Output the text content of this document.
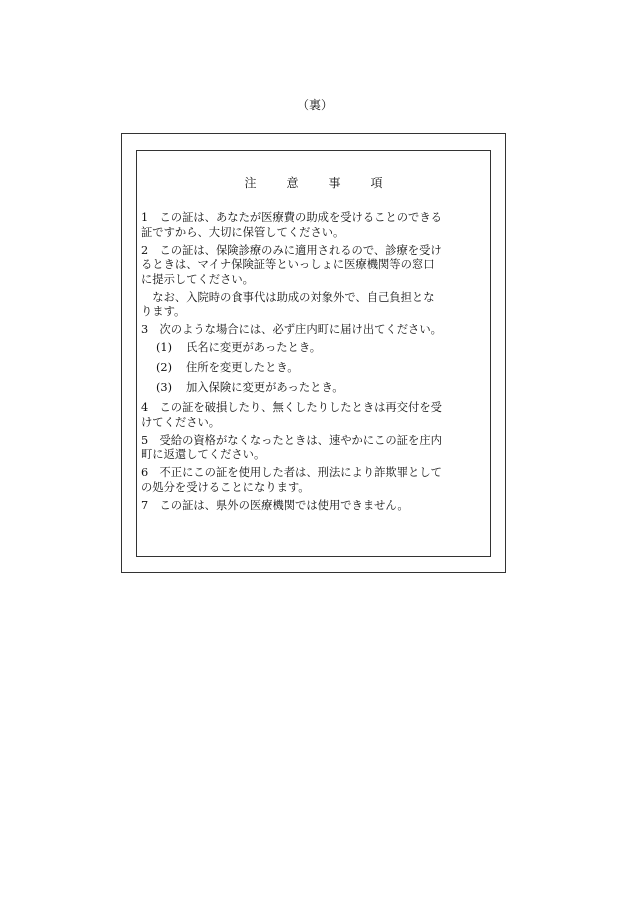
（裏）
注	意	事	項
1　この証は、あなたが医療費の助成を受けることのできる
証ですから、大切に保管してください。
2　この証は、保険診療のみに適用されるので、診療を受け
るときは、マイナ保険証等といっしょに医療機関等の窓口
に提示してください。
　なお、入院時の食事代は助成の対象外で、自己負担とな
ります。
3　次のような場合には、必ず庄内町に届け出てください。
(1) 氏名に変更があったとき。
(2) 住所を変更したとき。
(3) 加入保険に変更があったとき。
4　この証を破損したり、無くしたりしたときは再交付を受
けてください。
5　受給の資格がなくなったときは、速やかにこの証を庄内
町に返還してください。
6　不正にこの証を使用した者は、刑法により詐欺罪として
の処分を受けることになります。
7　この証は、県外の医療機関では使用できません。
